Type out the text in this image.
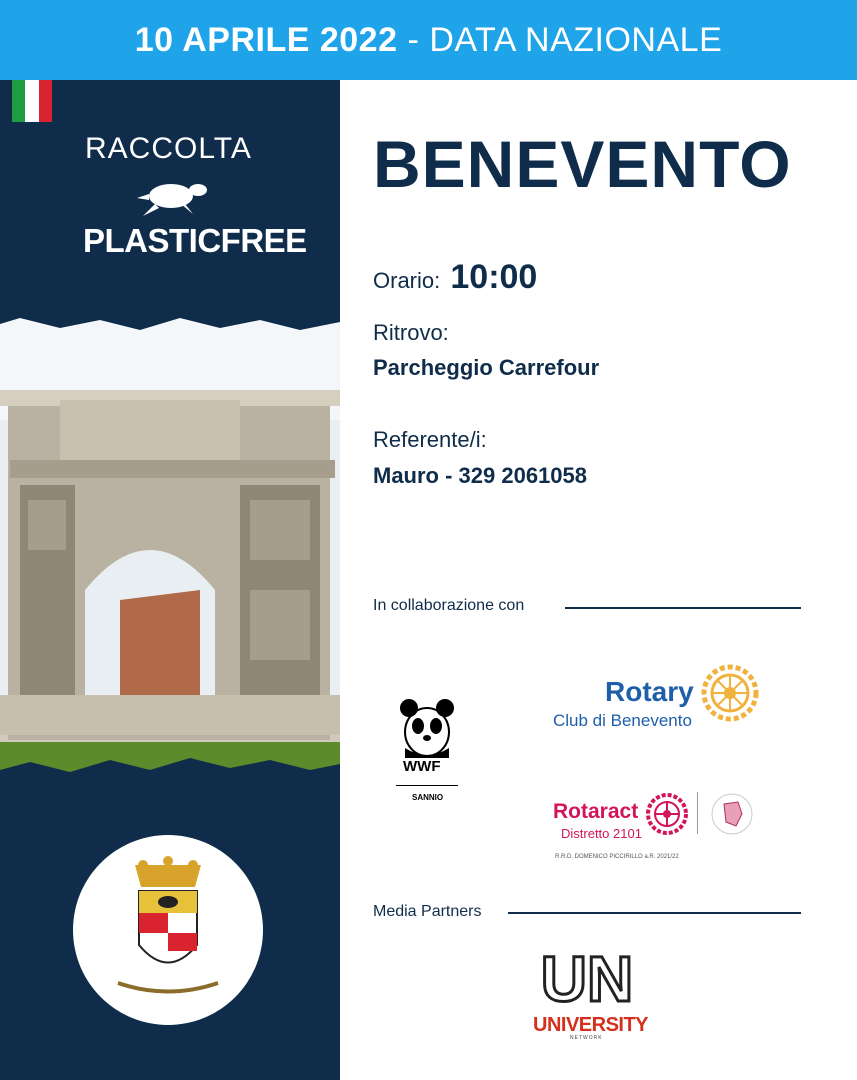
10 APRILE 2022 - DATA NAZIONALE
RACCOLTA
PLASTICFREE
BENEVENTO
Orario: 10:00
Ritrovo:
Parcheggio Carrefour
Referente/i:
Mauro - 329 2061058
In collaborazione con
WWF
SANNIO
Rotary
Club di Benevento
Rotaract
Distretto 2101
R.R.D. DOMENICO PICCIRILLO a.R. 2021/22
Media Partners
UN
UNIVERSITY
NETWORK
